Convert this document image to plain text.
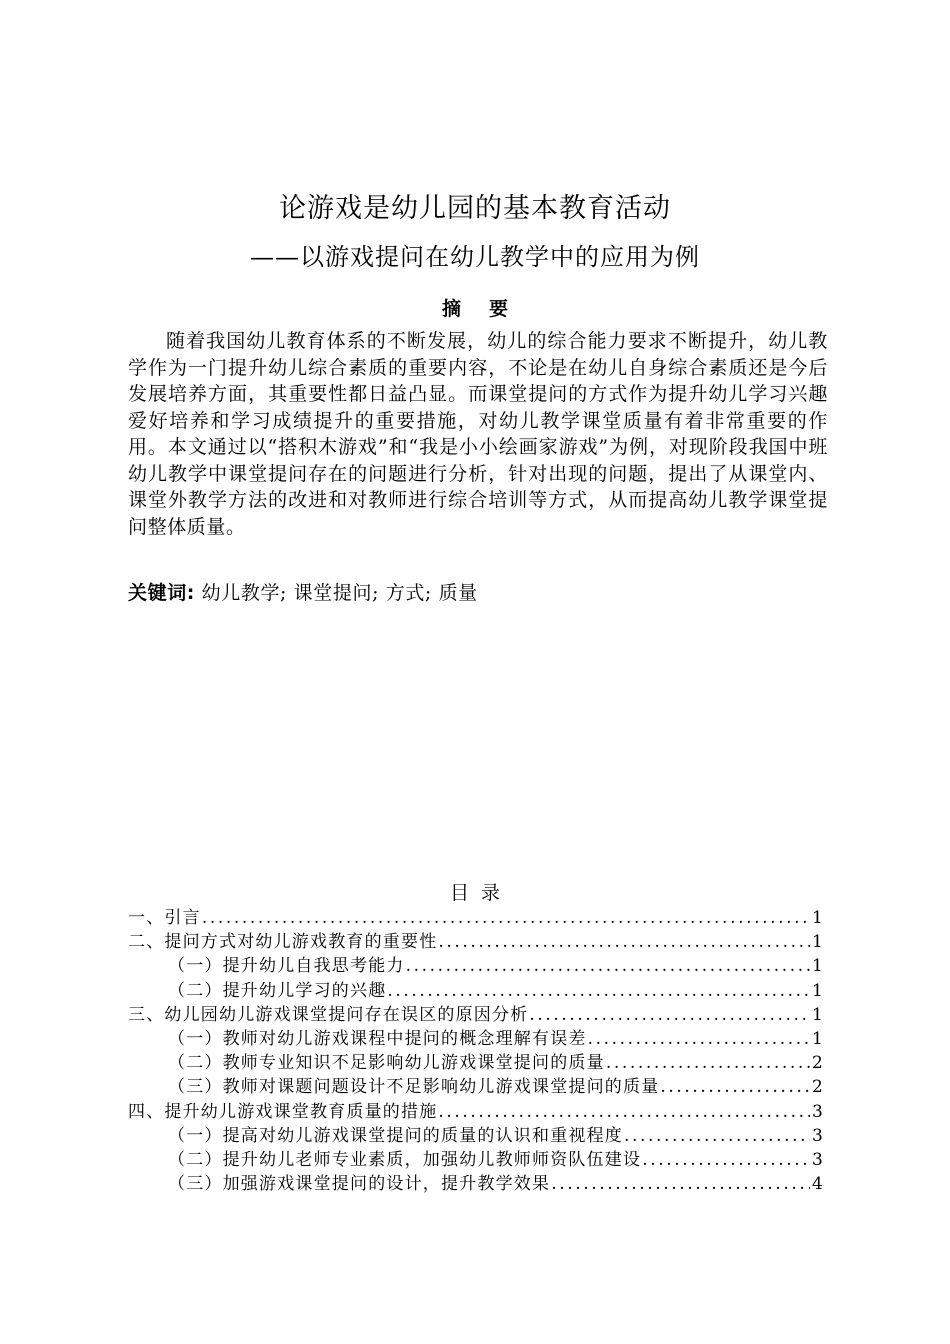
论游戏是幼儿园的基本教育活动
——以游戏提问在幼儿教学中的应用为例
摘 要

随着我国幼儿教育体系的不断发展，幼儿的综合能力要求不断提升，幼儿教学作为一门提升幼儿综合素质的重要内容，不论是在幼儿自身综合素质还是今后发展培养方面，其重要性都日益凸显。而课堂提问的方式作为提升幼儿学习兴趣爱好培养和学习成绩提升的重要措施，对幼儿教学课堂质量有着非常重要的作用。本文通过以“搭积木游戏”和“我是小小绘画家游戏”为例，对现阶段我国中班幼儿教学中课堂提问存在的问题进行分析，针对出现的问题，提出了从课堂内、课堂外教学方法的改进和对教师进行综合培训等方式，从而提高幼儿教学课堂提问整体质量。

关键词: 幼儿教学; 课堂提问; 方式; 质量
目 录
一、引言 .....	1
二、提问方式对幼儿游戏教育的重要性 .....	1
（一）提升幼儿自我思考能力 .....	1
（二）提升幼儿学习的兴趣 .....	1
三、幼儿园幼儿游戏课堂提问存在误区的原因分析 .....	1
（一）教师对幼儿游戏课程中提问的概念理解有误差 .....	1
（二）教师专业知识不足影响幼儿游戏课堂提问的质量 .....	2
（三）教师对课题问题设计不足影响幼儿游戏课堂提问的质量 .....	2
四、提升幼儿游戏课堂教育质量的措施 .....	3
（一）提高对幼儿游戏课堂提问的质量的认识和重视程度 .....	3
（二）提升幼儿老师专业素质，加强幼儿教师师资队伍建设 .....	3
（三）加强游戏课堂提问的设计，提升教学效果 .....	4
